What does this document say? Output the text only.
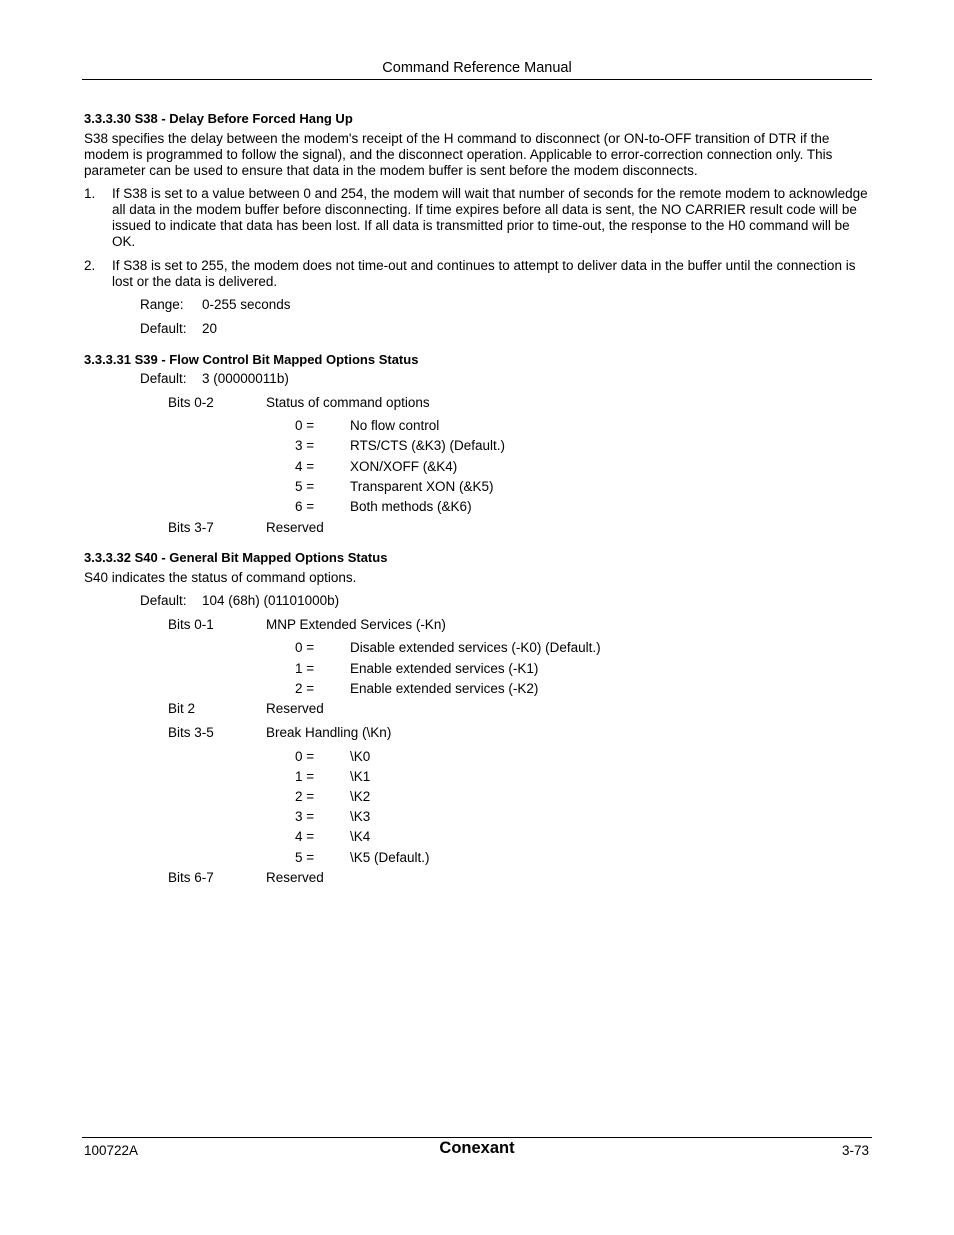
Command Reference Manual
3.3.3.30 S38 - Delay Before Forced Hang Up
S38 specifies the delay between the modem's receipt of the H command to disconnect (or ON-to-OFF transition of DTR if the modem is programmed to follow the signal), and the disconnect operation. Applicable to error-correction connection only. This parameter can be used to ensure that data in the modem buffer is sent before the modem disconnects.
1. If S38 is set to a value between 0 and 254, the modem will wait that number of seconds for the remote modem to acknowledge all data in the modem buffer before disconnecting. If time expires before all data is sent, the NO CARRIER result code will be issued to indicate that data has been lost. If all data is transmitted prior to time-out, the response to the H0 command will be OK.
2. If S38 is set to 255, the modem does not time-out and continues to attempt to deliver data in the buffer until the connection is lost or the data is delivered.
Range: 0-255 seconds
Default: 20
3.3.3.31 S39 - Flow Control Bit Mapped Options Status
Default: 3 (00000011b)
Bits 0-2	Status of command options
0 =	No flow control
3 =	RTS/CTS (&K3) (Default.)
4 =	XON/XOFF (&K4)
5 =	Transparent XON (&K5)
6 =	Both methods (&K6)
Bits 3-7	Reserved
3.3.3.32 S40 - General Bit Mapped Options Status
S40 indicates the status of command options.
Default: 104 (68h) (01101000b)
Bits 0-1	MNP Extended Services (-Kn)
0 =	Disable extended services (-K0) (Default.)
1 =	Enable extended services (-K1)
2 =	Enable extended services (-K2)
Bit 2	Reserved
Bits 3-5	Break Handling (\Kn)
0 =	\K0
1 =	\K1
2 =	\K2
3 =	\K3
4 =	\K4
5 =	\K5 (Default.)
Bits 6-7	Reserved
100722A	Conexant	3-73
